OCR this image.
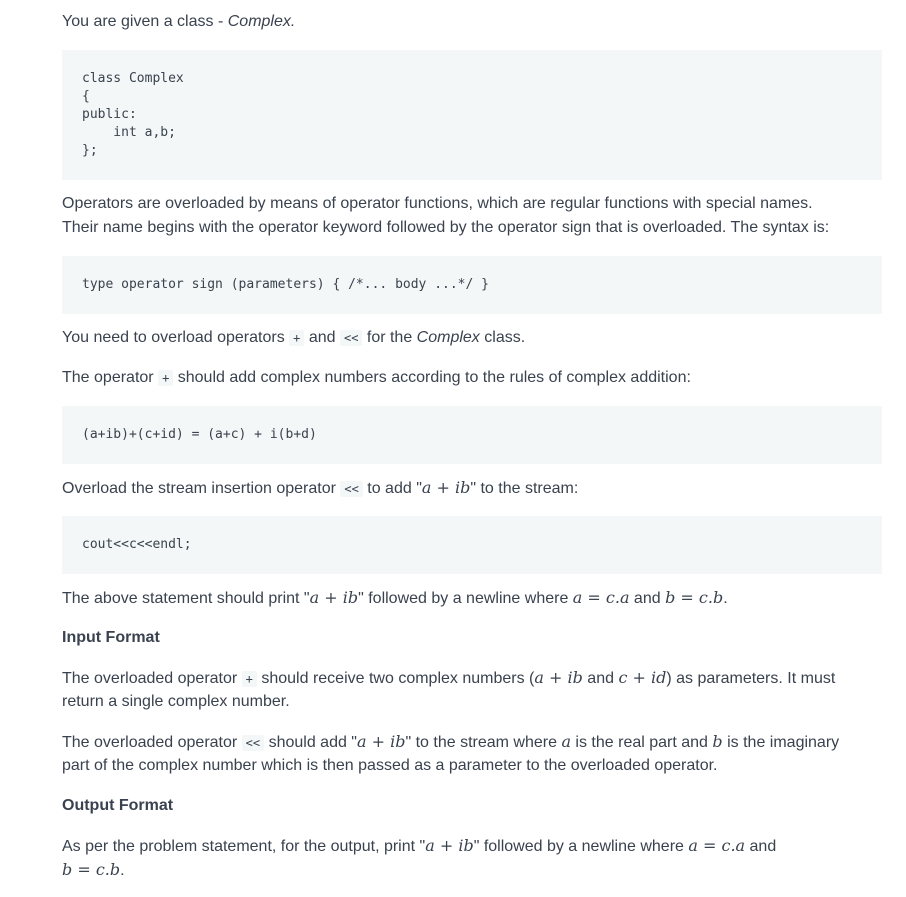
You are given a class - Complex.

class Complex

{

public:

int a,b;

};

Operators are overloaded by means of operator functions, which are regular functions with special names.

Their name begins with the operator keyword followed by the operator sign that is overloaded. The syntax is:

type operator sign (parameters) { /*... body ...*/ }

You need to overload operators + and << for the Complex class.

The operator + should add complex numbers according to the rules of complex addition:

(a+ib)+(c+id) = (a+c) + i(b+d)

Overload the stream insertion operator << to add "a + ib" to the stream:

cout<<c<<endl;

The above statement should print "a + ib" followed by a newline where a = c.a and b = c.b.

Input Format

The overloaded operator + should receive two complex numbers (a + ib and c + id) as parameters. It must

return a single complex number.

The overloaded operator << should add "a + ib" to the stream where a is the real part and b is the imaginary

part of the complex number which is then passed as a parameter to the overloaded operator.

Output Format

As per the problem statement, for the output, print "a + ib" followed by a newline where a = c.a and

b = c.b.
